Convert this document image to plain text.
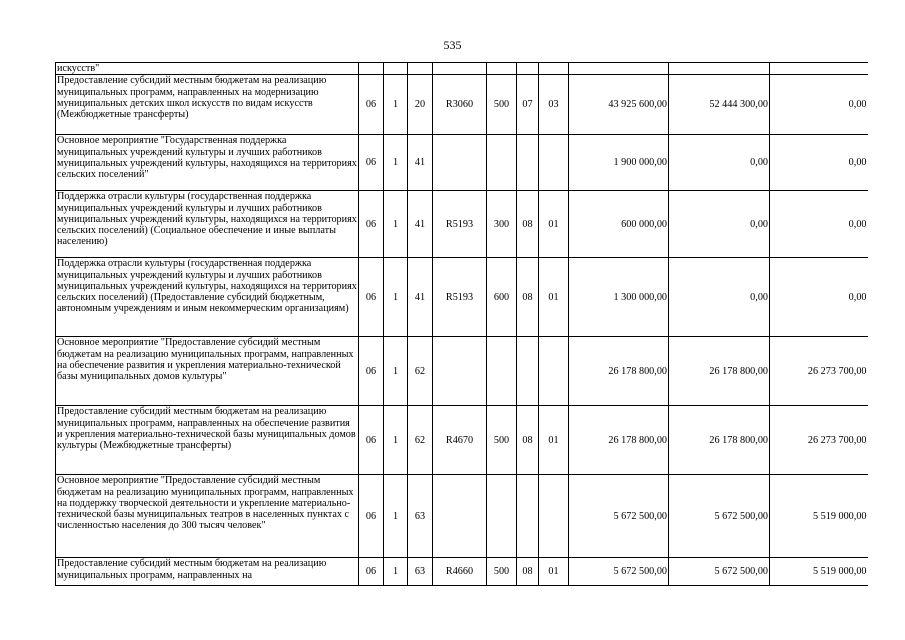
535
искусств"										
Предоставление субсидий местным бюджетам на реализацию муниципальных программ, направленных на модернизацию муниципальных детских школ искусств по видам искусств (Межбюджетные трансферты)	06	1	20	R3060	500	07	03	43 925 600,00	52 444 300,00	0,00
Основное мероприятие "Государственная поддержка муниципальных учреждений культуры и лучших работников муниципальных учреждений культуры, находящихся на территориях сельских поселений"	06	1	41					1 900 000,00	0,00	0,00
Поддержка отрасли культуры (государственная поддержка муниципальных учреждений культуры и лучших работников муниципальных учреждений культуры, находящихся на территориях сельских поселений) (Социальное обеспечение и иные выплаты населению)	06	1	41	R5193	300	08	01	600 000,00	0,00	0,00
Поддержка отрасли культуры (государственная поддержка муниципальных учреждений культуры и лучших работников муниципальных учреждений культуры, находящихся на территориях сельских поселений) (Предоставление субсидий бюджетным, автономным учреждениям и иным некоммерческим организациям)	06	1	41	R5193	600	08	01	1 300 000,00	0,00	0,00
Основное мероприятие "Предоставление субсидий местным бюджетам на реализацию муниципальных программ, направленных на обеспечение развития и укрепления материально-технической базы муниципальных домов культуры"	06	1	62					26 178 800,00	26 178 800,00	26 273 700,00
Предоставление субсидий местным бюджетам на реализацию муниципальных программ, направленных на обеспечение развития и укрепления материально-технической базы муниципальных домов культуры (Межбюджетные трансферты)	06	1	62	R4670	500	08	01	26 178 800,00	26 178 800,00	26 273 700,00
Основное мероприятие "Предоставление субсидий местным бюджетам на реализацию муниципальных программ, направленных на поддержку творческой деятельности и укрепление материально-технической базы муниципальных театров в населенных пунктах с численностью населения до 300 тысяч человек"	06	1	63					5 672 500,00	5 672 500,00	5 519 000,00
Предоставление субсидий местным бюджетам на реализацию муниципальных программ, направленных на	06	1	63	R4660	500	08	01	5 672 500,00	5 672 500,00	5 519 000,00
